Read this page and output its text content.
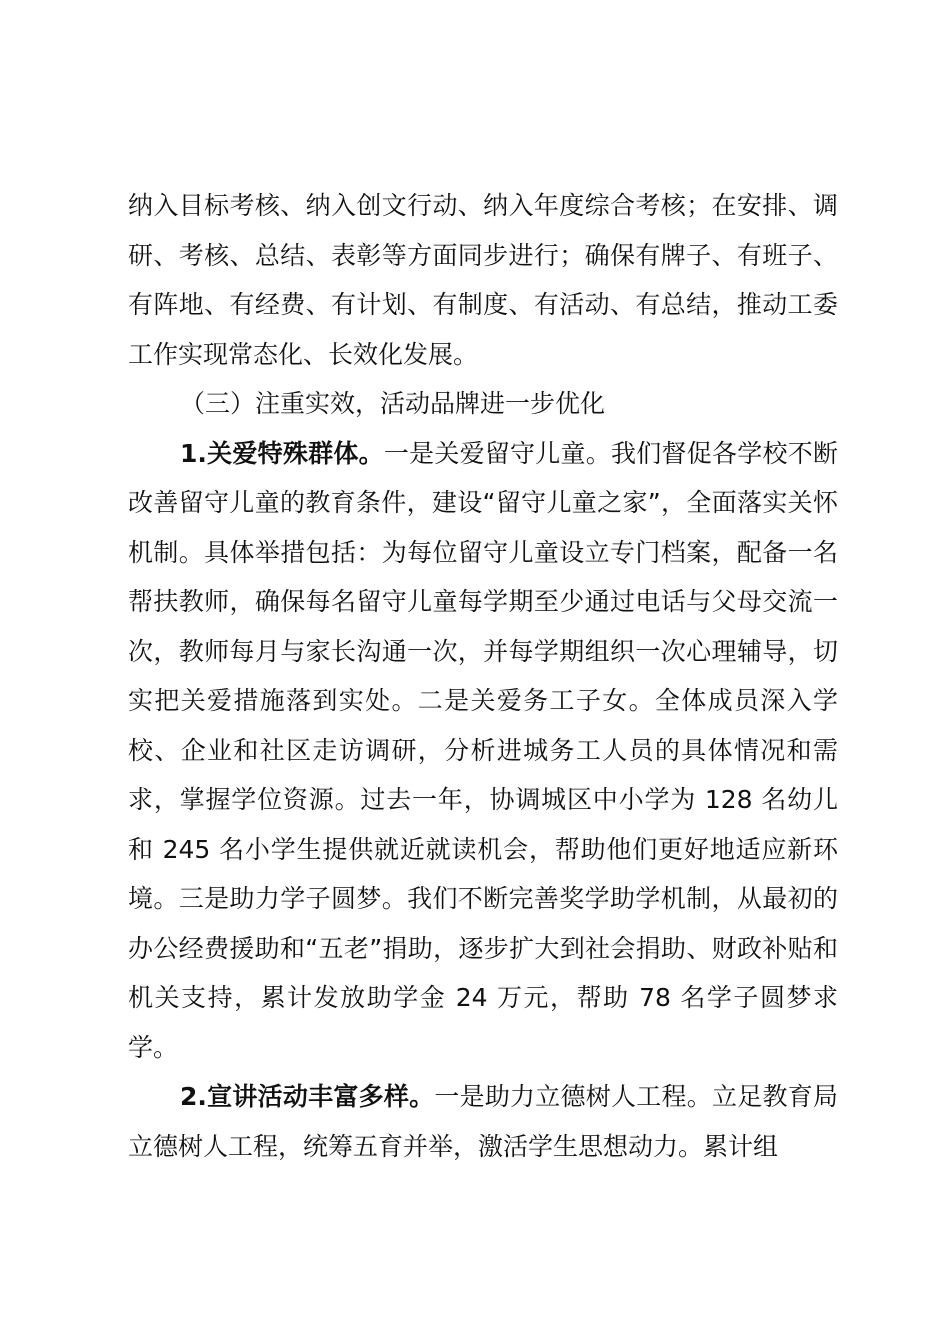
纳入目标考核、纳入创文行动、纳入年度综合考核；在安排、调研、考核、总结、表彰等方面同步进行；确保有牌子、有班子、有阵地、有经费、有计划、有制度、有活动、有总结，推动工委工作实现常态化、长效化发展。

（三）注重实效，活动品牌进一步优化

1.关爱特殊群体。一是关爱留守儿童。我们督促各学校不断改善留守儿童的教育条件，建设“留守儿童之家”，全面落实关怀机制。具体举措包括：为每位留守儿童设立专门档案，配备一名帮扶教师，确保每名留守儿童每学期至少通过电话与父母交流一次，教师每月与家长沟通一次，并每学期组织一次心理辅导，切实把关爱措施落到实处。二是关爱务工子女。全体成员深入学校、企业和社区走访调研，分析进城务工人员的具体情况和需求，掌握学位资源。过去一年，协调城区中小学为 128 名幼儿和 245 名小学生提供就近就读机会，帮助他们更好地适应新环境。三是助力学子圆梦。我们不断完善奖学助学机制，从最初的办公经费援助和“五老”捐助，逐步扩大到社会捐助、财政补贴和机关支持，累计发放助学金 24 万元，帮助 78 名学子圆梦求学。

2.宣讲活动丰富多样。一是助力立德树人工程。立足教育局立德树人工程，统筹五育并举，激活学生思想动力。累计组
